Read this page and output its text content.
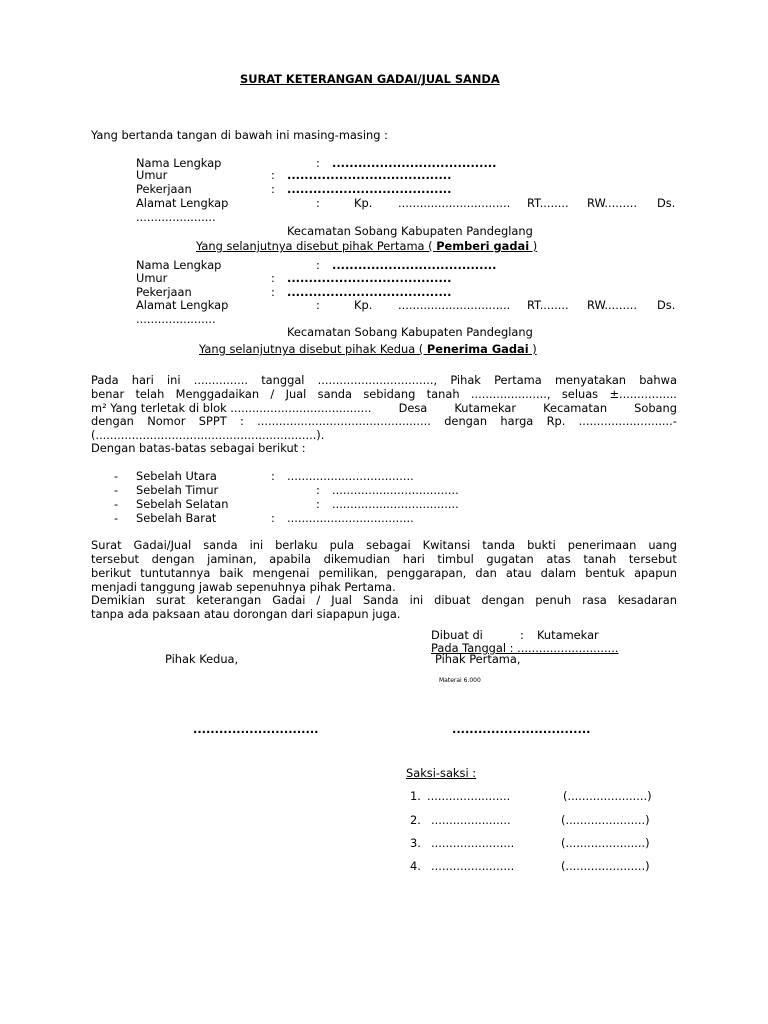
SURAT KETERANGAN GADAI/JUAL SANDA
Yang bertanda tangan di bawah ini masing-masing :
Nama Lengkap	: ......................................
Umur	: ......................................
Pekerjaan	: ......................................
Alamat Lengkap	:	Kp. ............................... RT........ RW......... Ds.
......................
Kecamatan Sobang Kabupaten Pandeglang
Yang selanjutnya disebut pihak Pertama ( Pemberi gadai )
Nama Lengkap	: ......................................
Umur	: ......................................
Pekerjaan	: ......................................
Alamat Lengkap	:	Kp. ............................... RT........ RW......... Ds.
......................
Kecamatan Sobang Kabupaten Pandeglang
Yang selanjutnya disebut pihak Kedua ( Penerima Gadai )
Pada hari ini ............... tanggal ................................, Pihak Pertama menyatakan bahwa
benar telah Menggadaikan / Jual sanda sebidang tanah ....................., seluas ±................
m² Yang terletak di blok ....................................... Desa Kutamekar Kecamatan Sobang
dengan Nomor SPPT : ................................................ dengan harga Rp. ..........................-
(.............................................................).
Dengan batas-batas sebagai berikut :
- Sebelah Utara	: ...................................
- Sebelah Timur	: ...................................
- Sebelah Selatan	: ...................................
- Sebelah Barat	: ...................................
Surat Gadai/Jual sanda ini berlaku pula sebagai Kwitansi tanda bukti penerimaan uang
tersebut dengan jaminan, apabila dikemudian hari timbul gugatan atas tanah tersebut
berikut tuntutannya baik mengenai pemilikan, penggarapan, dan atau dalam bentuk apapun
menjadi tanggung jawab sepenuhnya pihak Pertama.
Demikian surat keterangan Gadai / Jual Sanda ini dibuat dengan penuh rasa kesadaran
tanpa ada paksaan atau dorongan dari siapapun juga.
Dibuat di	: Kutamekar
Pada Tanggal : ............................
Pihak Kedua,	Pihak Pertama,
Materai 6.000
.............................	................................
Saksi-saksi :
1. .......................	(......................)
2. ......................	(......................)
3. .......................	(......................)
4. .......................	(......................)
